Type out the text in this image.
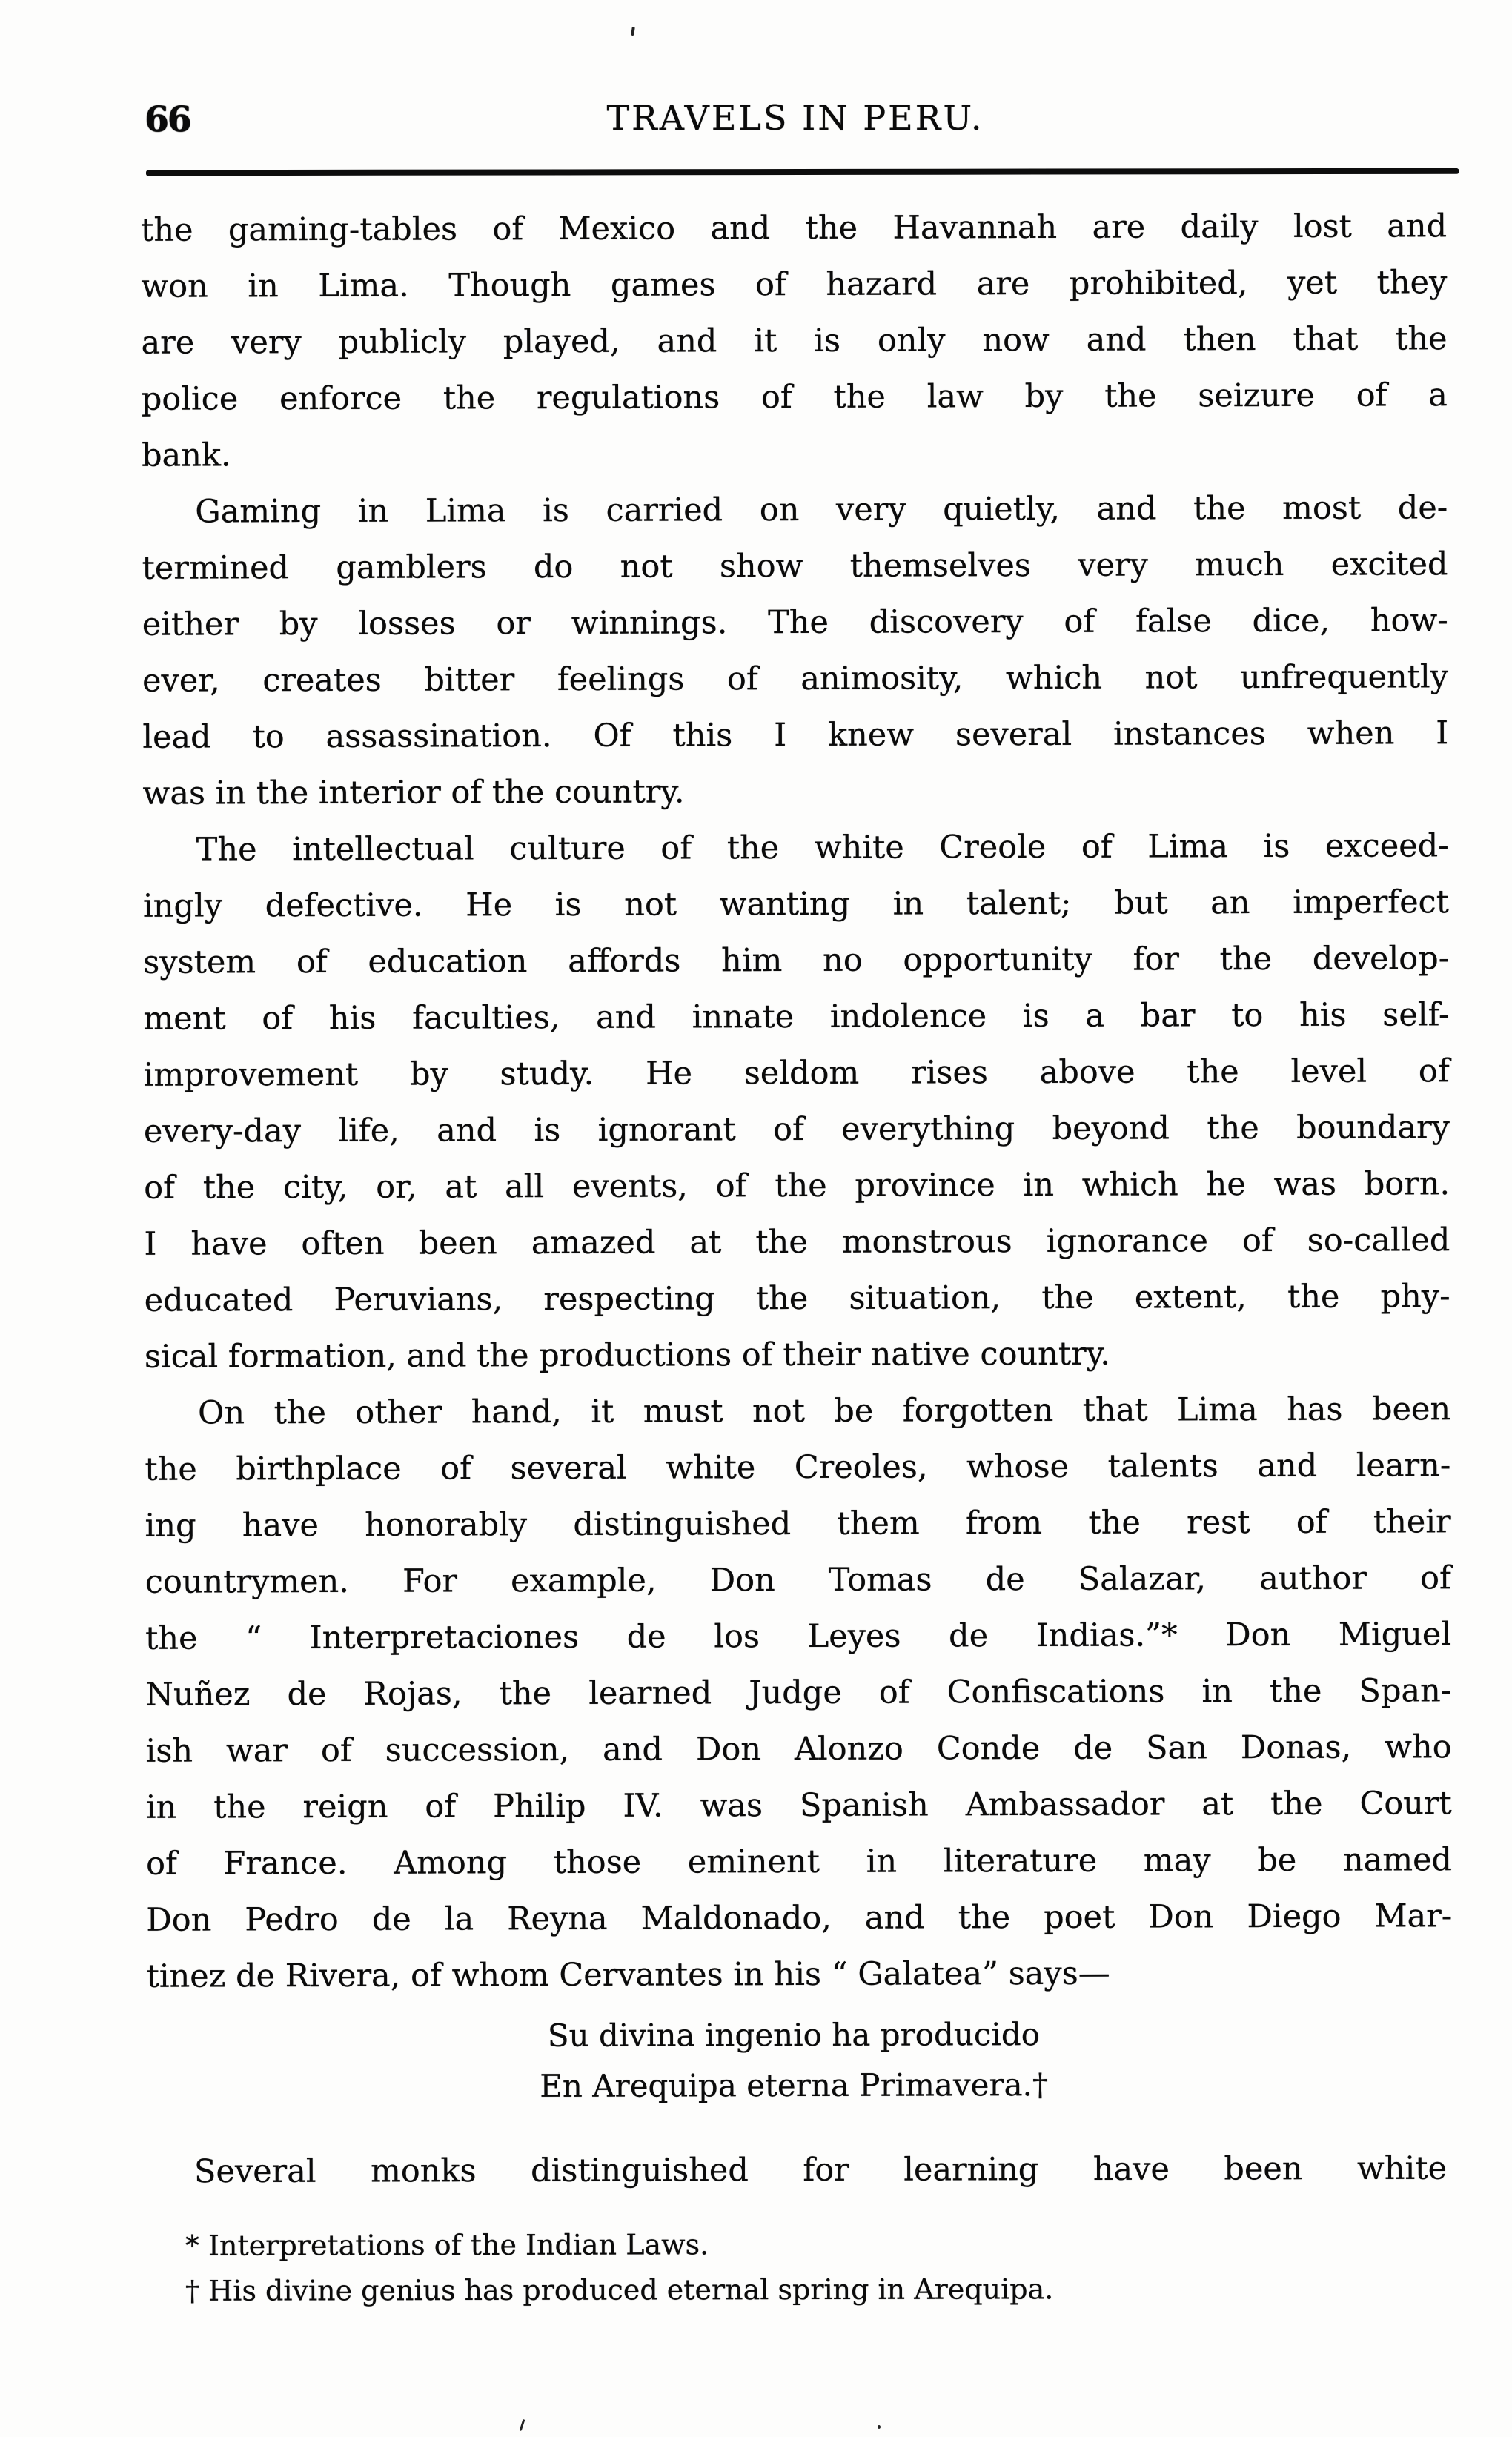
66	TRAVELS IN PERU.
the gaming-tables of Mexico and the Havannah are daily lost and
won in Lima. Though games of hazard are prohibited, yet they
are very publicly played, and it is only now and then that the
police enforce the regulations of the law by the seizure of a
bank.
Gaming in Lima is carried on very quietly, and the most de-
termined gamblers do not show themselves very much excited
either by losses or winnings. The discovery of false dice, how-
ever, creates bitter feelings of animosity, which not unfrequently
lead to assassination. Of this I knew several instances when I
was in the interior of the country.
The intellectual culture of the white Creole of Lima is exceed-
ingly defective. He is not wanting in talent; but an imperfect
system of education affords him no opportunity for the develop-
ment of his faculties, and innate indolence is a bar to his self-
improvement by study. He seldom rises above the level of
every-day life, and is ignorant of everything beyond the boundary
of the city, or, at all events, of the province in which he was born.
I have often been amazed at the monstrous ignorance of so-called
educated Peruvians, respecting the situation, the extent, the phy-
sical formation, and the productions of their native country.
On the other hand, it must not be forgotten that Lima has been
the birthplace of several white Creoles, whose talents and learn-
ing have honorably distinguished them from the rest of their
countrymen. For example, Don Tomas de Salazar, author of
the “ Interpretaciones de los Leyes de Indias.”* Don Miguel
Nuñez de Rojas, the learned Judge of Confiscations in the Span-
ish war of succession, and Don Alonzo Conde de San Donas, who
in the reign of Philip IV. was Spanish Ambassador at the Court
of France. Among those eminent in literature may be named
Don Pedro de la Reyna Maldonado, and the poet Don Diego Mar-
tinez de Rivera, of whom Cervantes in his “ Galatea” says—
Su divina ingenio ha producido
En Arequipa eterna Primavera.†
Several monks distinguished for learning have been white
* Interpretations of the Indian Laws.
† His divine genius has produced eternal spring in Arequipa.
